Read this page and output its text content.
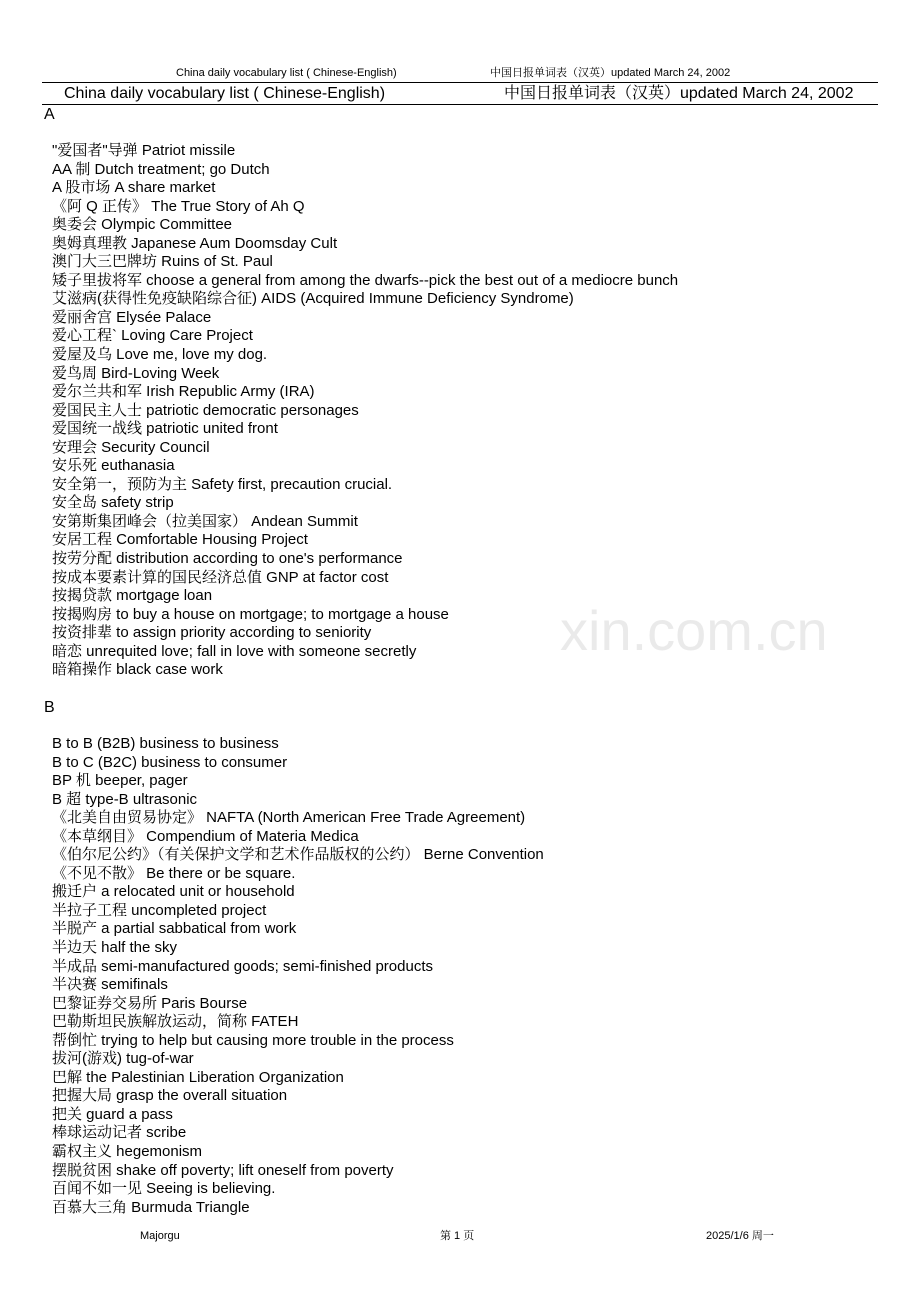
China daily vocabulary list ( Chinese-English)	中国日报单词表（汉英）updated March 24, 2002
China daily vocabulary list ( Chinese-English)	中国日报单词表（汉英）updated March 24, 2002
A
"爱国者"导弹 Patriot missile
AA 制 Dutch treatment; go Dutch
A 股市场 A share market
《阿 Q 正传》 The True Story of Ah Q
奥委会 Olympic Committee
奥姆真理教 Japanese Aum Doomsday Cult
澳门大三巴牌坊 Ruins of St. Paul
矮子里拔将军 choose a general from among the dwarfs--pick the best out of a mediocre bunch
艾滋病(获得性免疫缺陷综合征) AIDS (Acquired Immune Deficiency Syndrome)
爱丽舍宫 Elysée Palace
爱心工程` Loving Care Project
爱屋及乌 Love me, love my dog.
爱鸟周 Bird-Loving Week
爱尔兰共和军 Irish Republic Army (IRA)
爱国民主人士 patriotic democratic personages
爱国统一战线 patriotic united front
安理会 Security Council
安乐死 euthanasia
安全第一，预防为主 Safety first, precaution crucial.
安全岛 safety strip
安第斯集团峰会（拉美国家） Andean Summit
安居工程 Comfortable Housing Project
按劳分配 distribution according to one's performance
按成本要素计算的国民经济总值 GNP at factor cost
按揭贷款 mortgage loan
按揭购房 to buy a house on mortgage; to mortgage a house
按资排辈 to assign priority according to seniority
暗恋 unrequited love; fall in love with someone secretly
暗箱操作 black case work
B
B to B (B2B) business to business
B to C (B2C) business to consumer
BP 机 beeper, pager
B 超 type-B ultrasonic
《北美自由贸易协定》 NAFTA (North American Free Trade Agreement)
《本草纲目》 Compendium of Materia Medica
《伯尔尼公约》（有关保护文学和艺术作品版权的公约） Berne Convention
《不见不散》 Be there or be square.
搬迁户 a relocated unit or household
半拉子工程 uncompleted project
半脱产 a partial sabbatical from work
半边天 half the sky
半成品 semi-manufactured goods; semi-finished products
半决赛 semifinals
巴黎证券交易所 Paris Bourse
巴勒斯坦民族解放运动，简称 FATEH
帮倒忙 trying to help but causing more trouble in the process
拔河(游戏) tug-of-war
巴解 the Palestinian Liberation Organization
把握大局 grasp the overall situation
把关 guard a pass
棒球运动记者 scribe
霸权主义 hegemonism
摆脱贫困 shake off poverty; lift oneself from poverty
百闻不如一见 Seeing is believing.
百慕大三角 Burmuda Triangle
xin.com.cn
Majorgu	第 1 页	2025/1/6 周一
